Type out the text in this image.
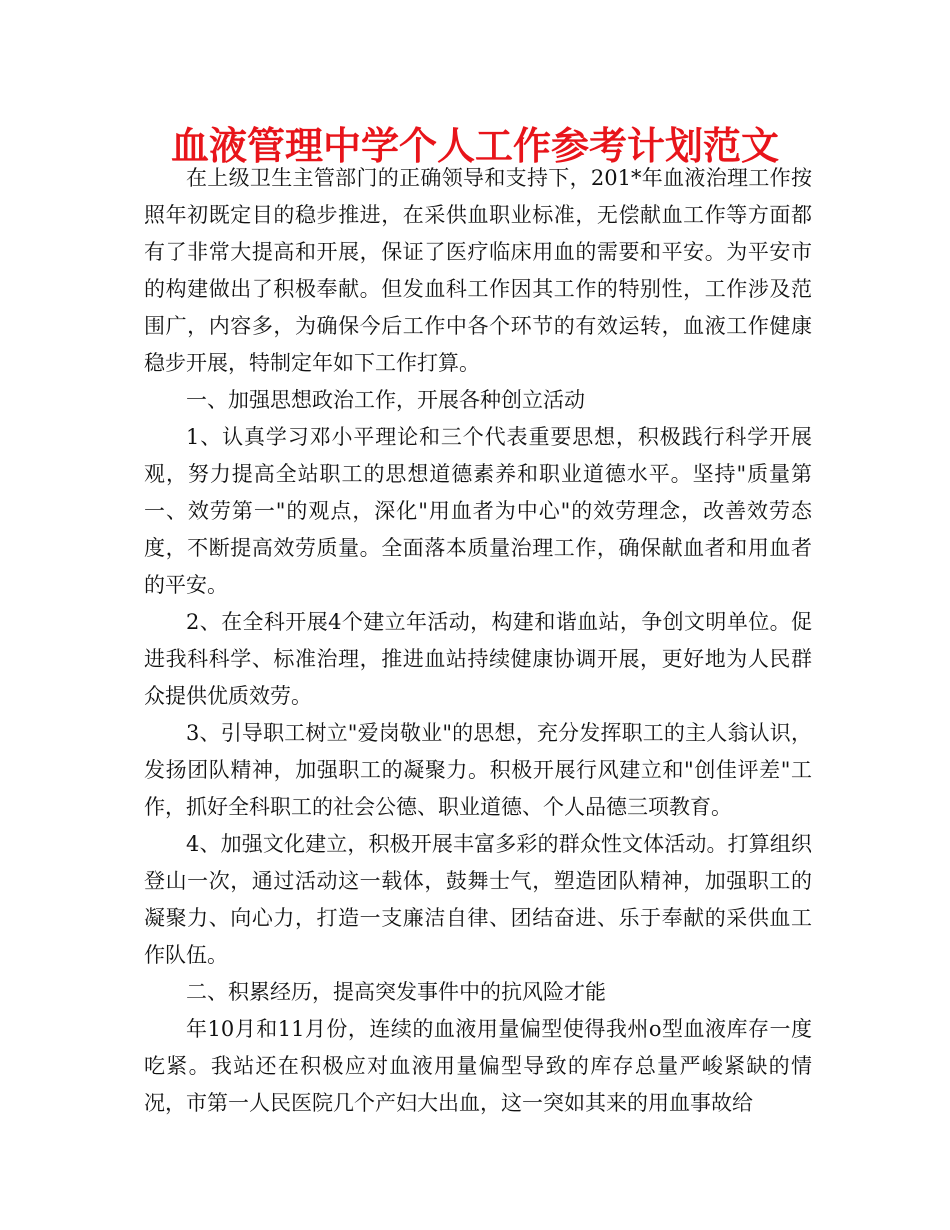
血液管理中学个人工作参考计划范文

在上级卫生主管部门的正确领导和支持下，201*年血液治理工作按照年初既定目的稳步推进，在采供血职业标准，无偿献血工作等方面都有了非常大提高和开展，保证了医疗临床用血的需要和平安。为平安市的构建做出了积极奉献。但发血科工作因其工作的特别性，工作涉及范围广，内容多，为确保今后工作中各个环节的有效运转，血液工作健康稳步开展，特制定年如下工作打算。

一、加强思想政治工作，开展各种创立活动

1、认真学习邓小平理论和三个代表重要思想，积极践行科学开展观，努力提高全站职工的思想道德素养和职业道德水平。坚持"质量第一、效劳第一"的观点，深化"用血者为中心"的效劳理念，改善效劳态度，不断提高效劳质量。全面落本质量治理工作，确保献血者和用血者的平安。

2、在全科开展4个建立年活动，构建和谐血站，争创文明单位。促进我科科学、标准治理，推进血站持续健康协调开展，更好地为人民群众提供优质效劳。

3、引导职工树立"爱岗敬业"的思想，充分发挥职工的主人翁认识，发扬团队精神，加强职工的凝聚力。积极开展行风建立和"创佳评差"工作，抓好全科职工的社会公德、职业道德、个人品德三项教育。

4、加强文化建立，积极开展丰富多彩的群众性文体活动。打算组织登山一次，通过活动这一载体，鼓舞士气，塑造团队精神，加强职工的凝聚力、向心力，打造一支廉洁自律、团结奋进、乐于奉献的采供血工作队伍。

二、积累经历，提高突发事件中的抗风险才能

年10月和11月份，连续的血液用量偏型使得我州o型血液库存一度吃紧。我站还在积极应对血液用量偏型导致的库存总量严峻紧缺的情况，市第一人民医院几个产妇大出血，这一突如其来的用血事故给
